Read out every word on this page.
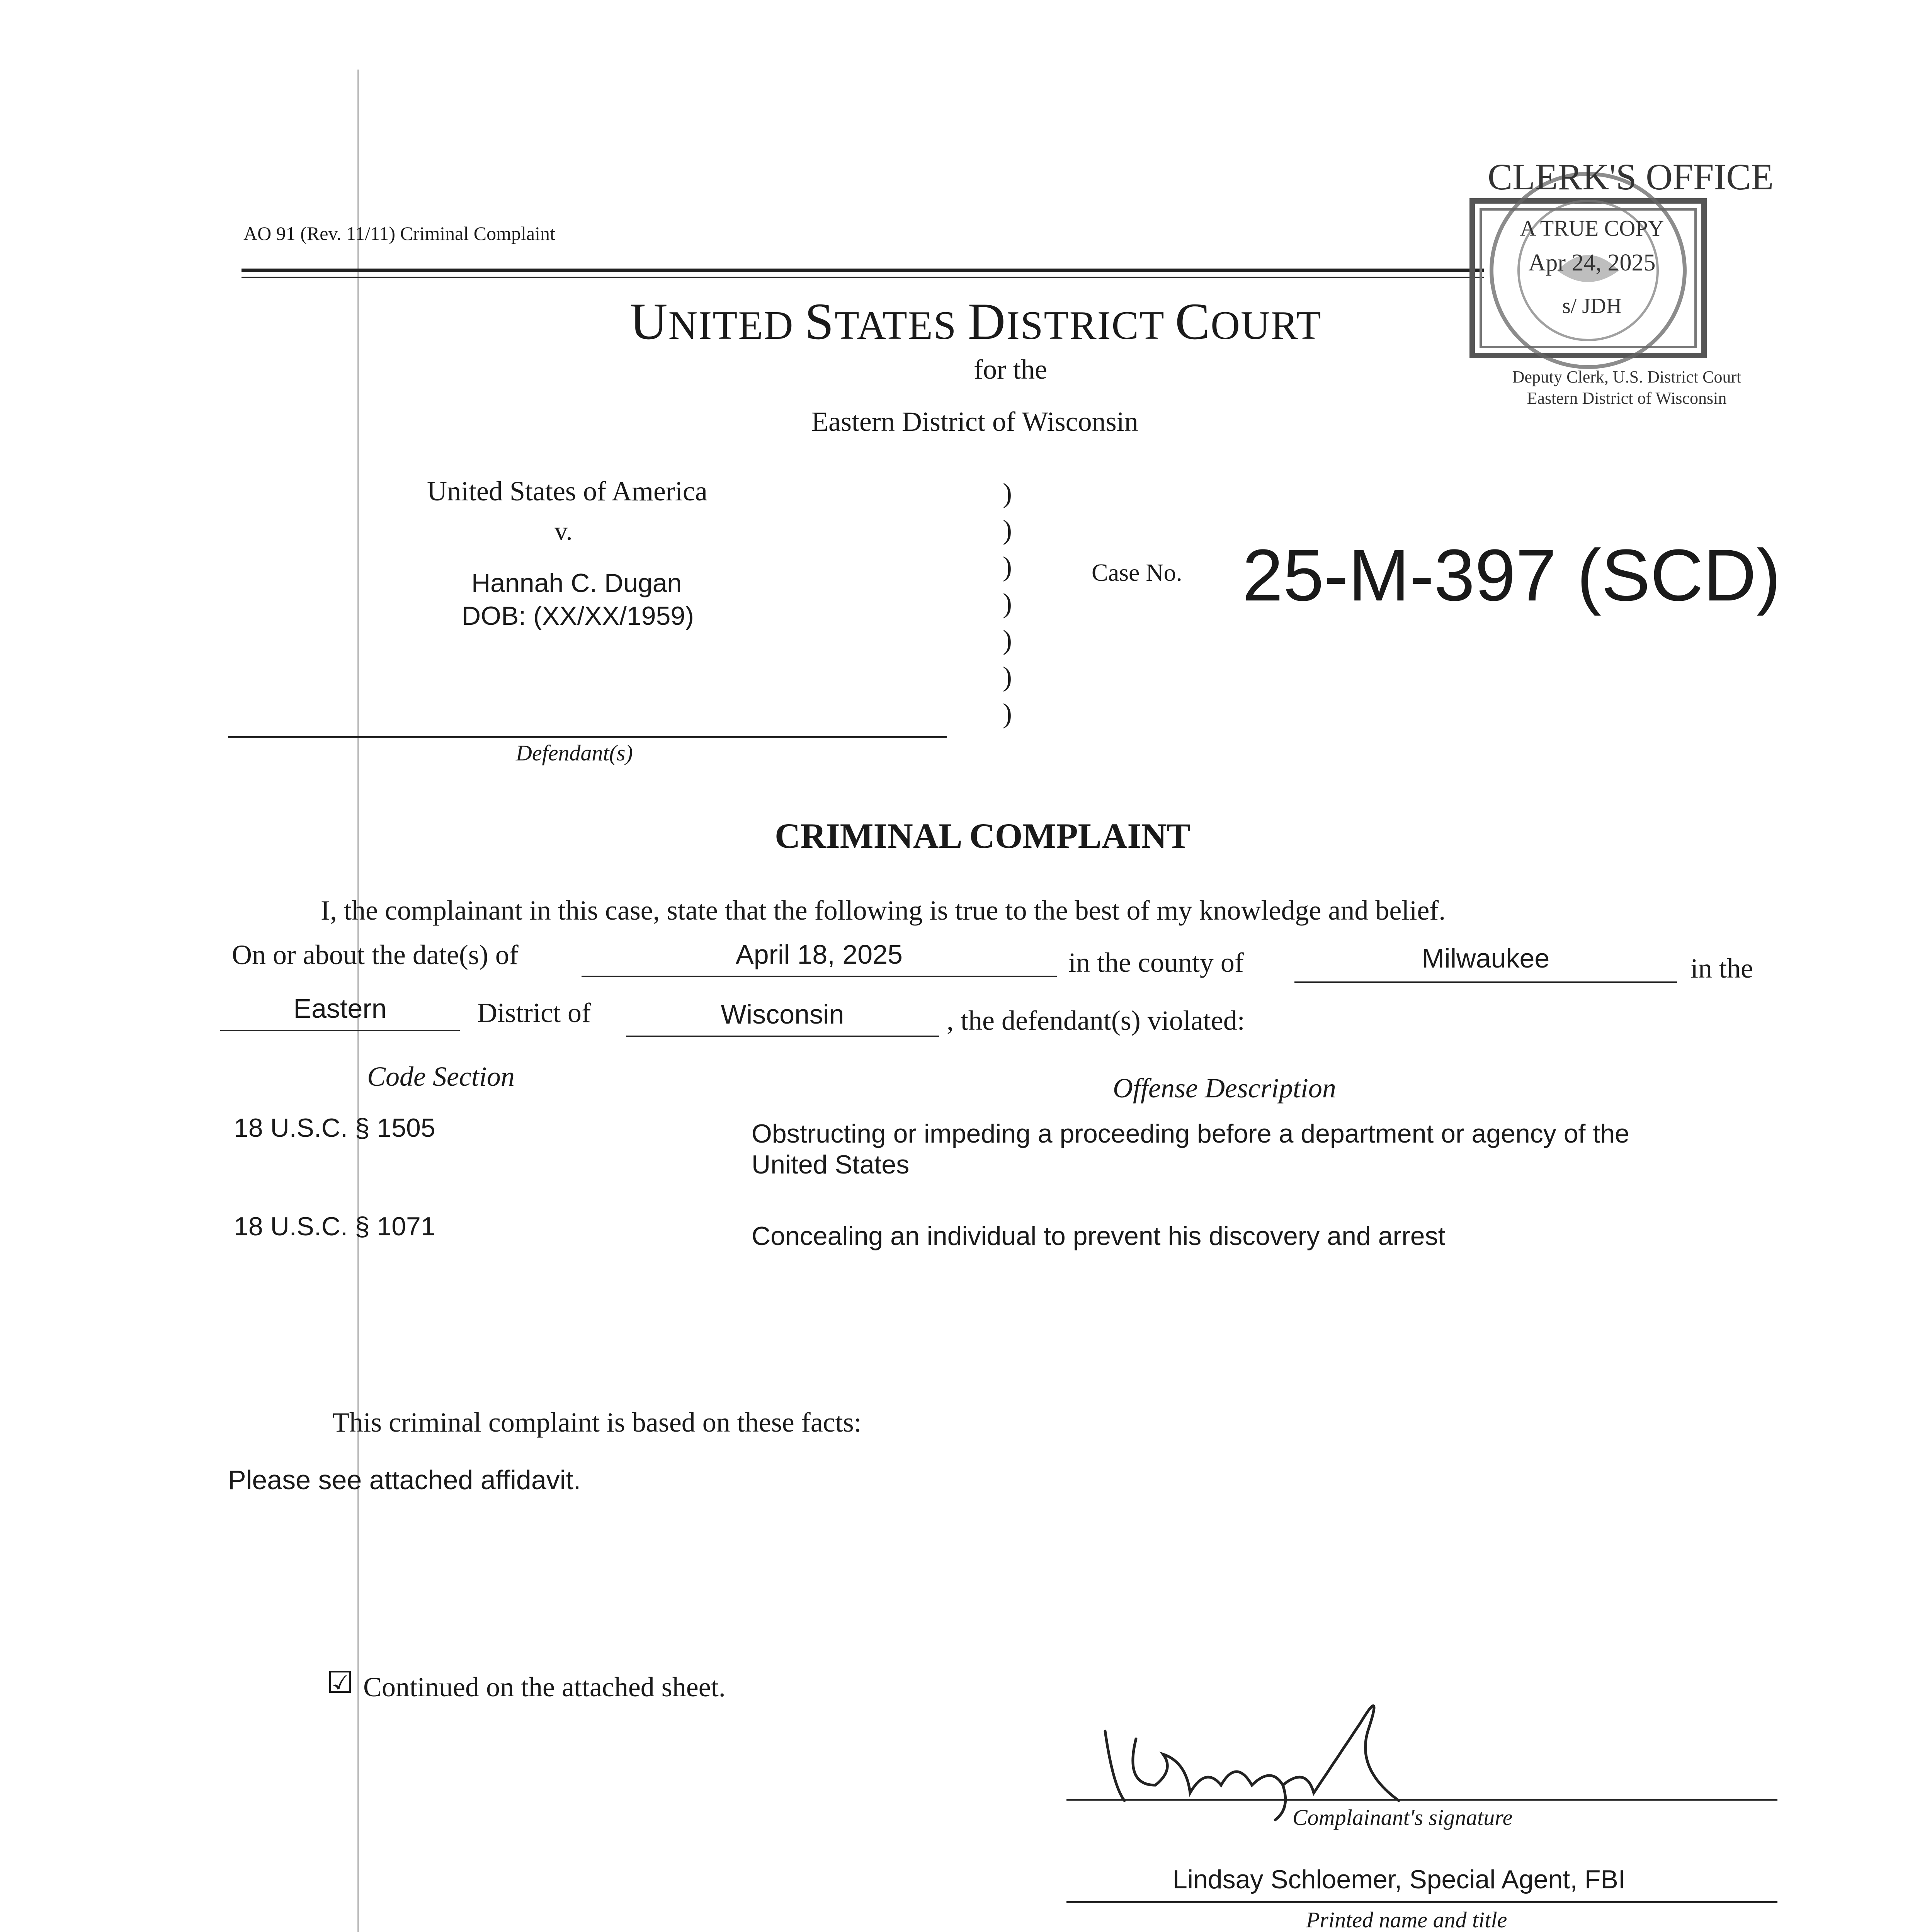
AO 91 (Rev. 11/11) Criminal Complaint
UNITED STATES DISTRICT COURT
for the
Eastern District of Wisconsin
CLERK'S OFFICE
A TRUE COPY
Apr 24, 2025
s/ JDH
Deputy Clerk, U.S. District Court
Eastern District of Wisconsin
United States of America
v.
Hannah C. Dugan
DOB: (XX/XX/1959)
Defendant(s)
)
)
)
)
)
)
)
Case No. 25-M-397 (SCD)
CRIMINAL COMPLAINT
I, the complainant in this case, state that the following is true to the best of my knowledge and belief.
On or about the date(s) of	April 18, 2025	in the county of	Milwaukee	in the
Eastern	District of	Wisconsin	, the defendant(s) violated:
Code Section	Offense Description
18 U.S.C. § 1505	Obstructing or impeding a proceeding before a department or agency of the
United States
18 U.S.C. § 1071	Concealing an individual to prevent his discovery and arrest
This criminal complaint is based on these facts:
Please see attached affidavit.
☑ Continued on the attached sheet.
Complainant's signature
Lindsay Schloemer, Special Agent, FBI
Printed name and title
